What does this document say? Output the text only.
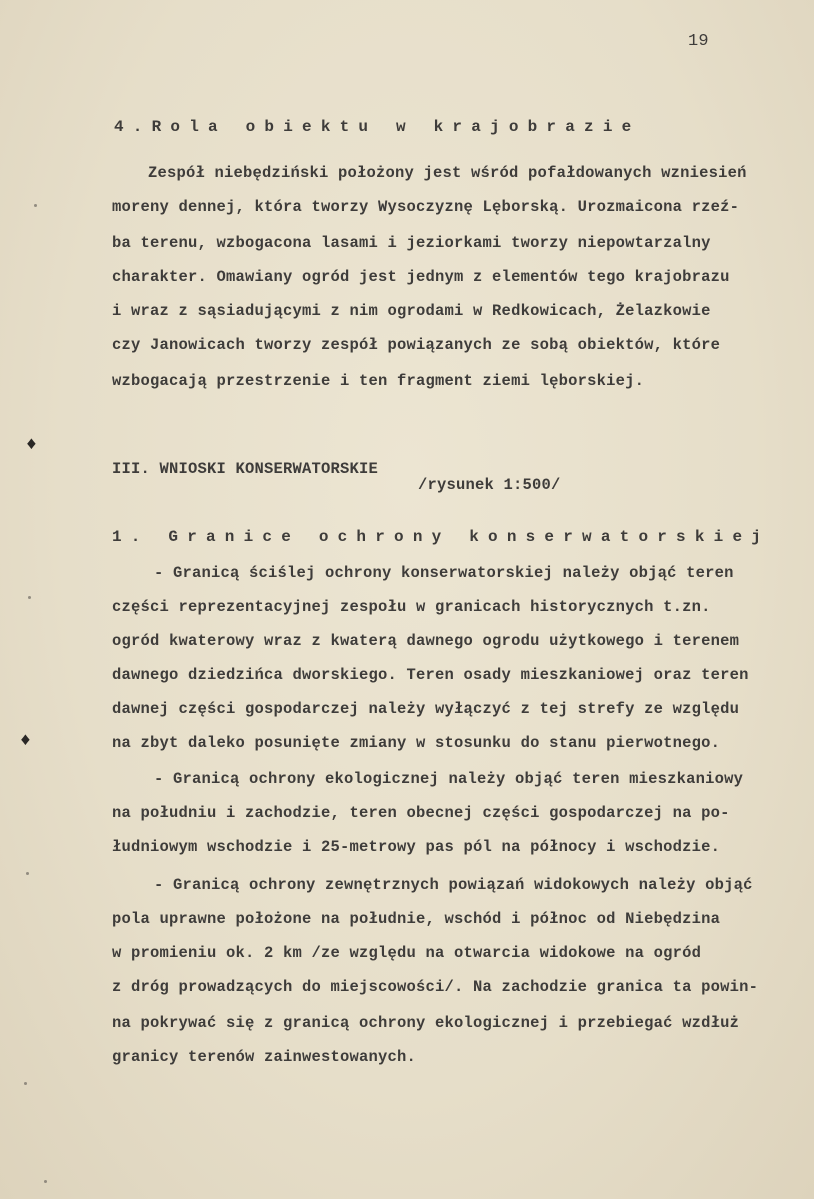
19
4.Rola obiektu w krajobrazie
Zespół niebędziński położony jest wśród pofałdowanych wzniesień
moreny dennej, która tworzy Wysoczyznę Lęborską. Urozmaicona rzeź-
ba terenu, wzbogacona lasami i jeziorkami tworzy niepowtarzalny
charakter. Omawiany ogród jest jednym z elementów tego krajobrazu
i wraz z sąsiadującymi z nim ogrodami w Redkowicach, Żelazkowie
czy Janowicach tworzy zespół powiązanych ze sobą obiektów, które
wzbogacają przestrzenie i ten fragment ziemi lęborskiej.
III. WNIOSKI KONSERWATORSKIE
/rysunek 1:500/
1. Granice ochrony konserwatorskiej
- Granicą ściślej ochrony konserwatorskiej należy objąć teren
części reprezentacyjnej zespołu w granicach historycznych t.zn.
ogród kwaterowy wraz z kwaterą dawnego ogrodu użytkowego i terenem
dawnego dziedzińca dworskiego. Teren osady mieszkaniowej oraz teren
dawnej części gospodarczej należy wyłączyć z tej strefy ze względu
na zbyt daleko posunięte zmiany w stosunku do stanu pierwotnego.
- Granicą ochrony ekologicznej należy objąć teren mieszkaniowy
na południu i zachodzie, teren obecnej części gospodarczej na po-
łudniowym wschodzie i 25-metrowy pas pól na północy i wschodzie.
- Granicą ochrony zewnętrznych powiązań widokowych należy objąć
pola uprawne położone na południe, wschód i północ od Niebędzina
w promieniu ok. 2 km /ze względu na otwarcia widokowe na ogród
z dróg prowadzących do miejscowości/. Na zachodzie granica ta powin-
na pokrywać się z granicą ochrony ekologicznej i przebiegać wzdłuż
granicy terenów zainwestowanych.
♦
♦
